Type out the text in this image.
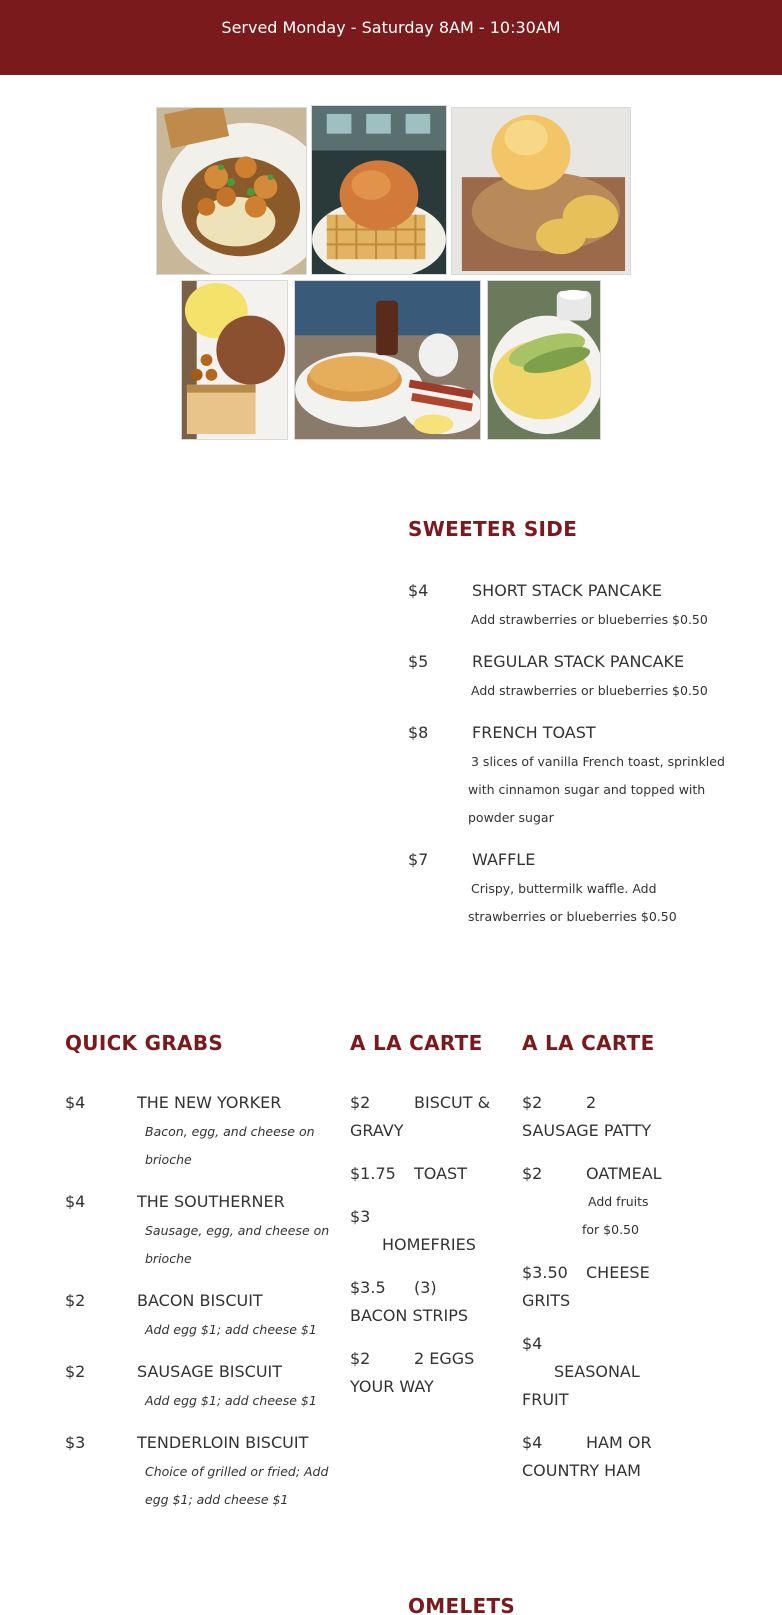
Served Monday - Saturday 8AM - 10:30AM
SWEETER SIDE
$4	SHORT STACK PANCAKE
Add strawberries or blueberries $0.50
$5	REGULAR STACK PANCAKE
Add strawberries or blueberries $0.50
$8	FRENCH TOAST
3 slices of vanilla French toast, sprinkled
with cinnamon sugar and topped with
powder sugar
$7	WAFFLE
Crispy, buttermilk waffle. Add
strawberries or blueberries $0.50
QUICK GRABS
$4	THE NEW YORKER
Bacon, egg, and cheese on
brioche
$4	THE SOUTHERNER
Sausage, egg, and cheese on
brioche
$2	BACON BISCUIT
Add egg $1; add cheese $1
$2	SAUSAGE BISCUIT
Add egg $1; add cheese $1
$3	TENDERLOIN BISCUIT
Choice of grilled or fried; Add
egg $1; add cheese $1
A LA CARTE
$2	BISCUT &
GRAVY
$1.75 TOAST
$3
HOMEFRIES
$3.5 (3)
BACON STRIPS
$2	2 EGGS
YOUR WAY
A LA CARTE
$2	2
SAUSAGE PATTY
$2	OATMEAL
Add fruits
for $0.50
$3.50 CHEESE
GRITS
$4
SEASONAL
FRUIT
$4	HAM OR
COUNTRY HAM
OMELETS
